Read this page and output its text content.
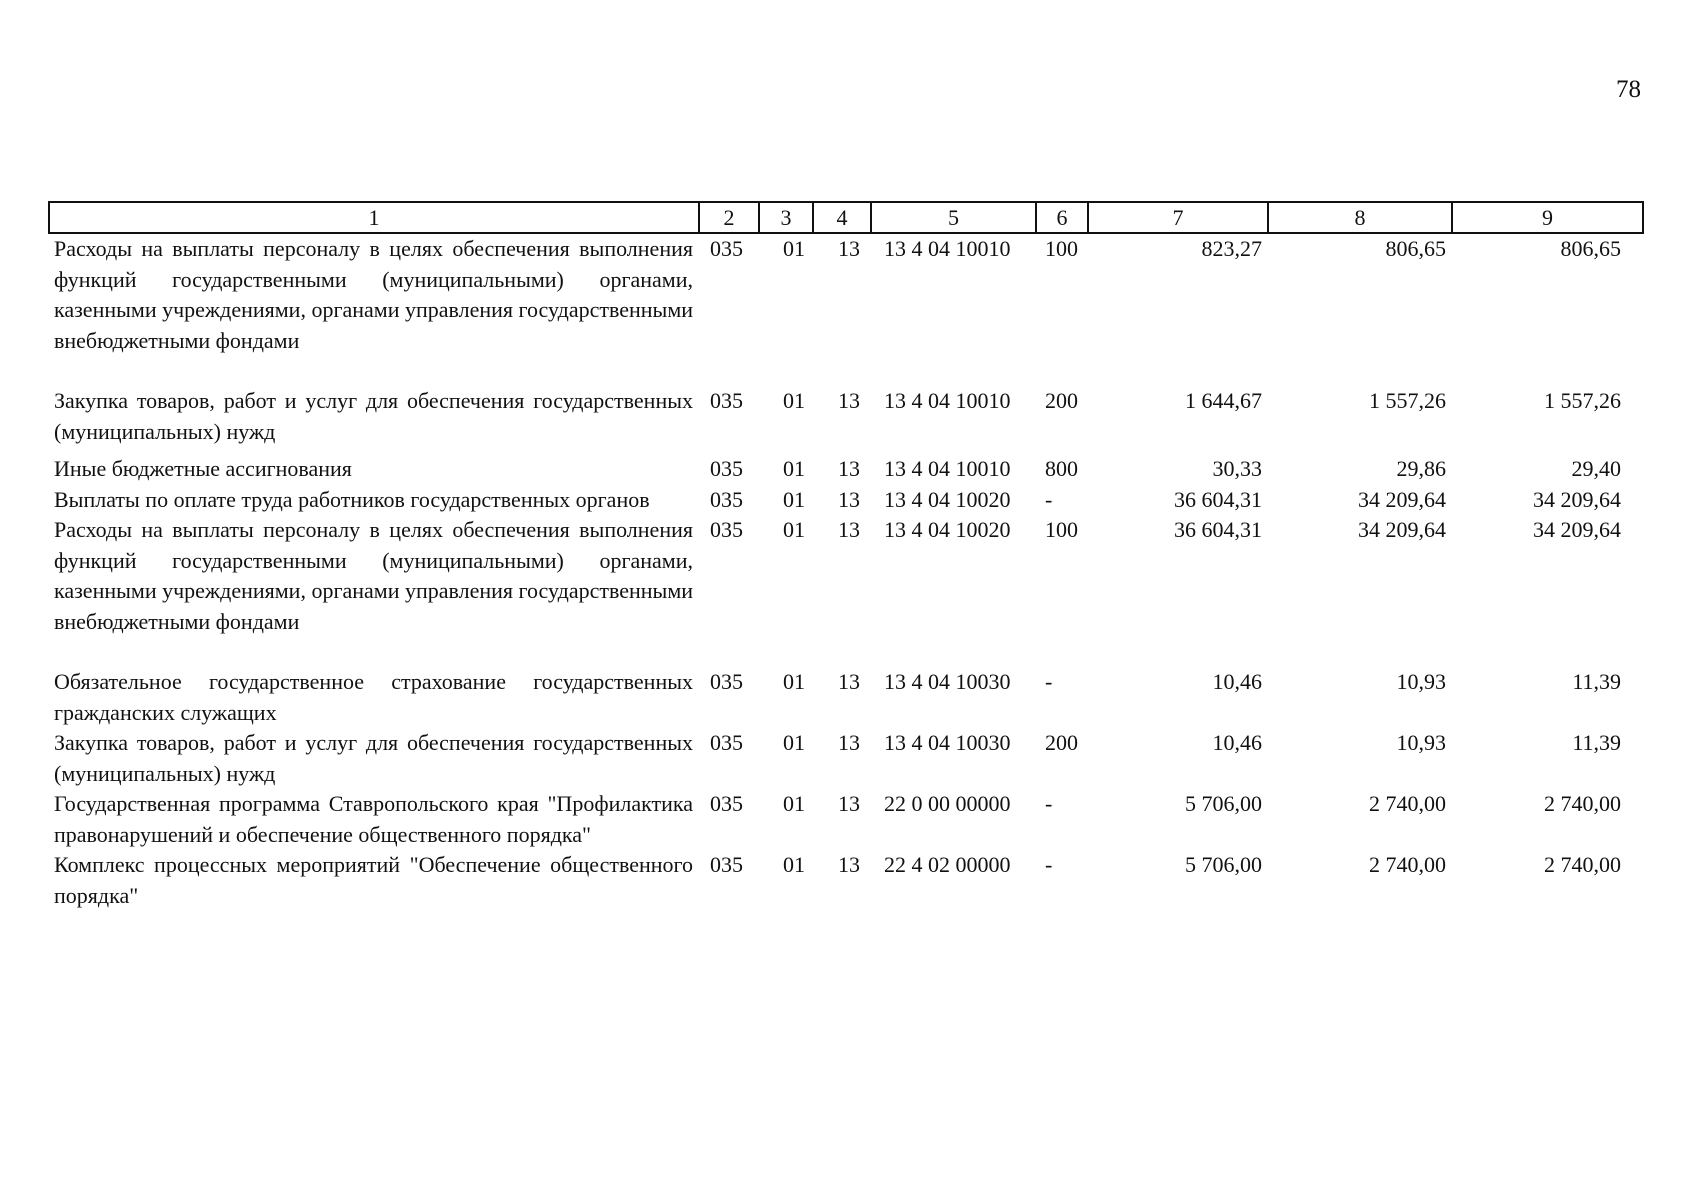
78
1	2	3	4	5	6	7	8	9
Расходы на выплаты персоналу в целях обеспечения выполнения функций государственными (муниципальными) органами, казенными учреждениями, органами управления государственными внебюджетными фондами	035	01	13	13 4 04 10010	100	823,27	806,65	806,65
Закупка товаров, работ и услуг для обеспечения государственных (муниципальных) нужд	035	01	13	13 4 04 10010	200	1 644,67	1 557,26	1 557,26
Иные бюджетные ассигнования	035	01	13	13 4 04 10010	800	30,33	29,86	29,40
Выплаты по оплате труда работников государственных органов	035	01	13	13 4 04 10020	-	36 604,31	34 209,64	34 209,64
Расходы на выплаты персоналу в целях обеспечения выполнения функций государственными (муниципальными) органами, казенными учреждениями, органами управления государственными внебюджетными фондами	035	01	13	13 4 04 10020	100	36 604,31	34 209,64	34 209,64
Обязательное государственное страхование государственных гражданских служащих	035	01	13	13 4 04 10030	-	10,46	10,93	11,39
Закупка товаров, работ и услуг для обеспечения государственных (муниципальных) нужд	035	01	13	13 4 04 10030	200	10,46	10,93	11,39
Государственная программа Ставропольского края "Профилактика правонарушений и обеспечение общественного порядка"	035	01	13	22 0 00 00000	-	5 706,00	2 740,00	2 740,00
Комплекс процессных мероприятий "Обеспечение общественного порядка"	035	01	13	22 4 02 00000	-	5 706,00	2 740,00	2 740,00
